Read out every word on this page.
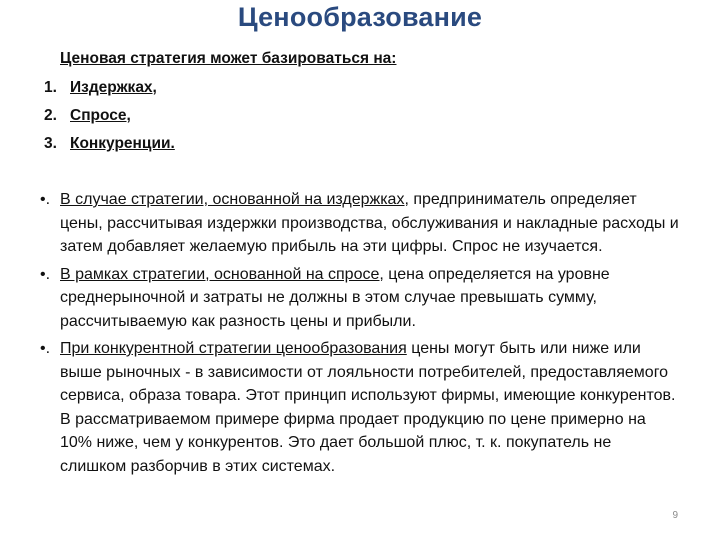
Ценообразование
Ценовая стратегия может базироваться на:
1. Издержках,
2. Спросе,
3. Конкуренции.
•. В случае стратегии, основанной на издержках, предприниматель определяет цены, рассчитывая издержки производства, обслуживания и накладные расходы и затем добавляет желаемую прибыль на эти цифры. Спрос не изучается.
•. В рамках стратегии, основанной на спросе, цена определяется на уровне среднерыночной и затраты не должны в этом случае превышать сумму, рассчитываемую как разность цены и прибыли.
•. При конкурентной стратегии ценообразования цены могут быть или ниже или выше рыночных - в зависимости от лояльности потребителей, предоставляемого сервиса, образа товара. Этот принцип используют фирмы, имеющие конкурентов. В рассматриваемом примере фирма продает продукцию по цене примерно на 10% ниже, чем у конкурентов. Это дает большой плюс, т. к. покупатель не слишком разборчив в этих системах.
9
